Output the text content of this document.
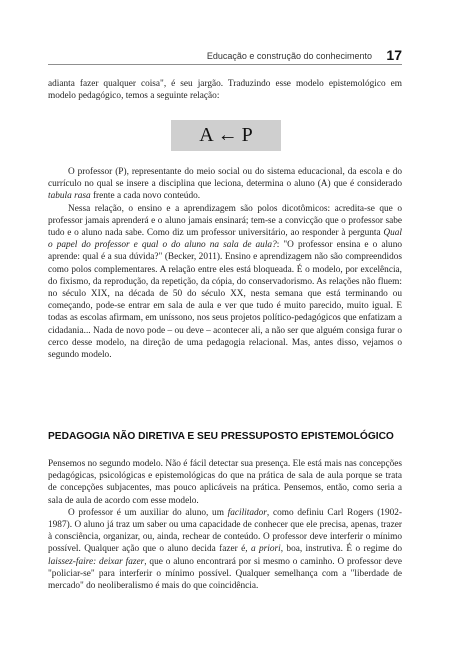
Educação e construção do conhecimento 17

adianta fazer qualquer coisa", é seu jargão. Traduzindo esse modelo epistemológico em modelo pedagógico, temos a seguinte relação:

A ← P

O professor (P), representante do meio social ou do sistema educacional, da escola e do currículo no qual se insere a disciplina que leciona, determina o aluno (A) que é considerado tabula rasa frente a cada novo conteúdo.

Nessa relação, o ensino e a aprendizagem são polos dicotômicos: acredita-se que o professor jamais aprenderá e o aluno jamais ensinará; tem-se a convicção que o professor sabe tudo e o aluno nada sabe. Como diz um professor universitário, ao responder à pergunta Qual o papel do professor e qual o do aluno na sala de aula?: "O professor ensina e o aluno aprende: qual é a sua dúvida?" (Becker, 2011). Ensino e aprendizagem não são compreendidos como polos complementares. A relação entre eles está bloqueada. É o modelo, por excelência, do fixismo, da reprodução, da repetição, da cópia, do conservadorismo. As relações não fluem: no século XIX, na década de 50 do século XX, nesta semana que está terminando ou começando, pode-se entrar em sala de aula e ver que tudo é muito parecido, muito igual. E todas as escolas afirmam, em uníssono, nos seus projetos político-pedagógicos que enfatizam a cidadania... Nada de novo pode – ou deve – acontecer ali, a não ser que alguém consiga furar o cerco desse modelo, na direção de uma pedagogia relacional. Mas, antes disso, vejamos o segundo modelo.

PEDAGOGIA NÃO DIRETIVA E SEU PRESSUPOSTO EPISTEMOLÓGICO

Pensemos no segundo modelo. Não é fácil detectar sua presença. Ele está mais nas concepções pedagógicas, psicológicas e epistemológicas do que na prática de sala de aula porque se trata de concepções subjacentes, mas pouco aplicáveis na prática. Pensemos, então, como seria a sala de aula de acordo com esse modelo.

O professor é um auxiliar do aluno, um facilitador, como definiu Carl Rogers (1902-1987). O aluno já traz um saber ou uma capacidade de conhecer que ele precisa, apenas, trazer à consciência, organizar, ou, ainda, rechear de conteúdo. O professor deve interferir o mínimo possível. Qualquer ação que o aluno decida fazer é, a priori, boa, instrutiva. É o regime do laissez-faire: deixar fazer, que o aluno encontrará por si mesmo o caminho. O professor deve "policiar-se" para interferir o mínimo possível. Qualquer semelhança com a "liberdade de mercado" do neoliberalismo é mais do que coincidência.
